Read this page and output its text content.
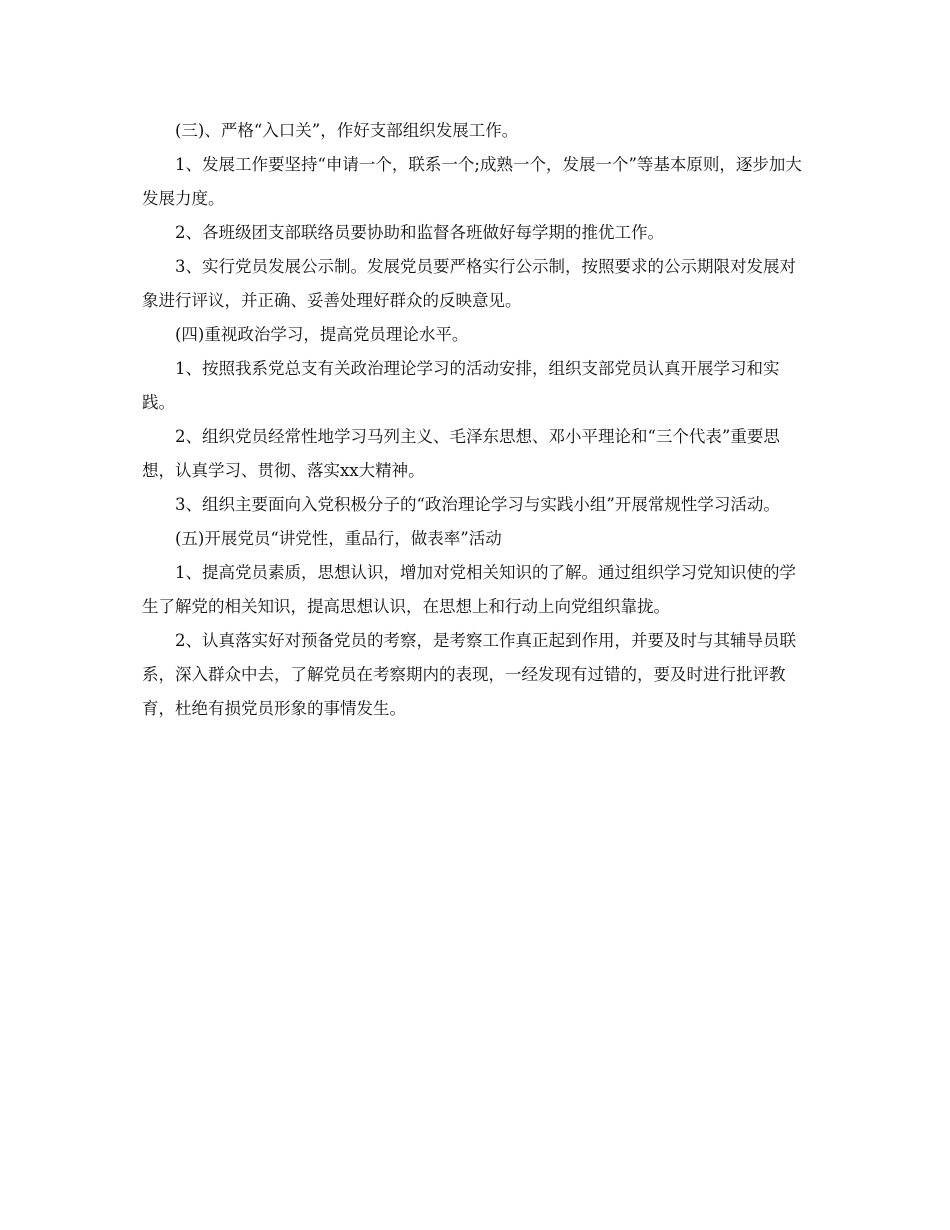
(三)、严格“入口关”，作好支部组织发展工作。

1、发展工作要坚持“申请一个，联系一个;成熟一个，发展一个”等基本原则，逐步加大发展力度。

2、各班级团支部联络员要协助和监督各班做好每学期的推优工作。

3、实行党员发展公示制。发展党员要严格实行公示制，按照要求的公示期限对发展对象进行评议，并正确、妥善处理好群众的反映意见。

(四)重视政治学习，提高党员理论水平。

1、按照我系党总支有关政治理论学习的活动安排，组织支部党员认真开展学习和实践。

2、组织党员经常性地学习马列主义、毛泽东思想、邓小平理论和“三个代表”重要思想，认真学习、贯彻、落实xx大精神。

3、组织主要面向入党积极分子的“政治理论学习与实践小组”开展常规性学习活动。

(五)开展党员“讲党性，重品行，做表率”活动

1、提高党员素质，思想认识，增加对党相关知识的了解。通过组织学习党知识使的学生了解党的相关知识，提高思想认识，在思想上和行动上向党组织靠拢。

2、认真落实好对预备党员的考察，是考察工作真正起到作用，并要及时与其辅导员联系，深入群众中去，了解党员在考察期内的表现，一经发现有过错的，要及时进行批评教育，杜绝有损党员形象的事情发生。
